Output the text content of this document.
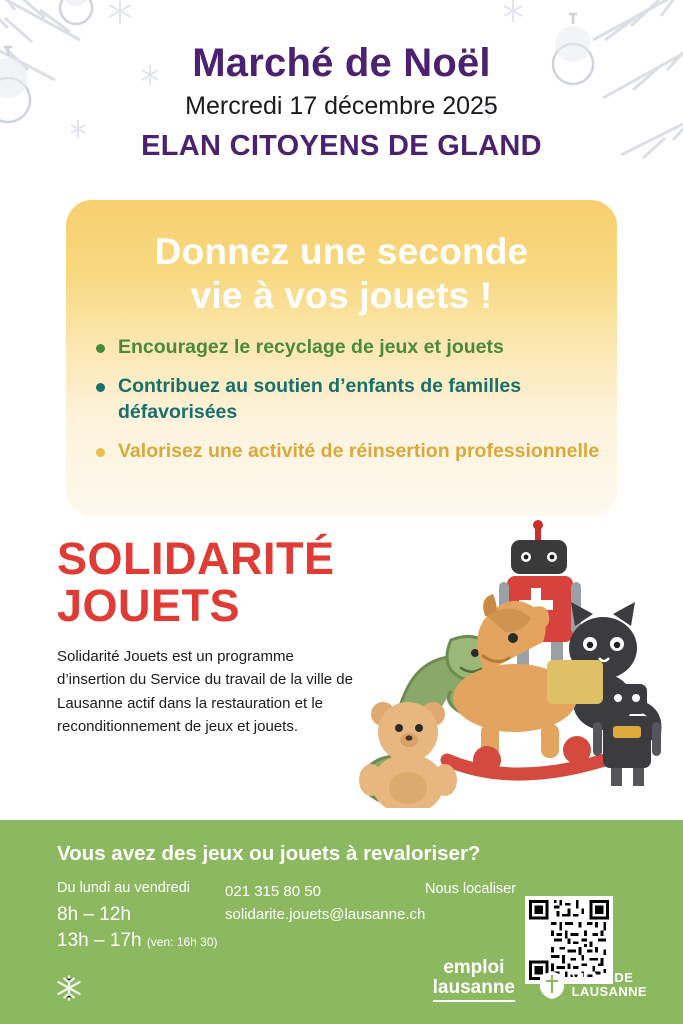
Marché de Noël
Mercredi 17 décembre 2025
ELAN CITOYENS DE GLAND
Donnez une seconde
vie à vos jouets !
Encouragez le recyclage de jeux et jouets
Contribuez au soutien d’enfants de familles défavorisées
Valorisez une activité de réinsertion professionnelle
SOLIDARITÉ
JOUETS
Solidarité Jouets est un programme d’insertion du Service du travail de la ville de Lausanne actif dans la restauration et le reconditionnement de jeux et jouets.
Vous avez des jeux ou jouets à revaloriser?
Du lundi au vendredi
8h – 12h
13h – 17h (ven: 16h 30)
021 315 80 50
solidarite.jouets@lausanne.ch
Nous localiser
emploi
lausanne	VILLE DE
LAUSANNE
